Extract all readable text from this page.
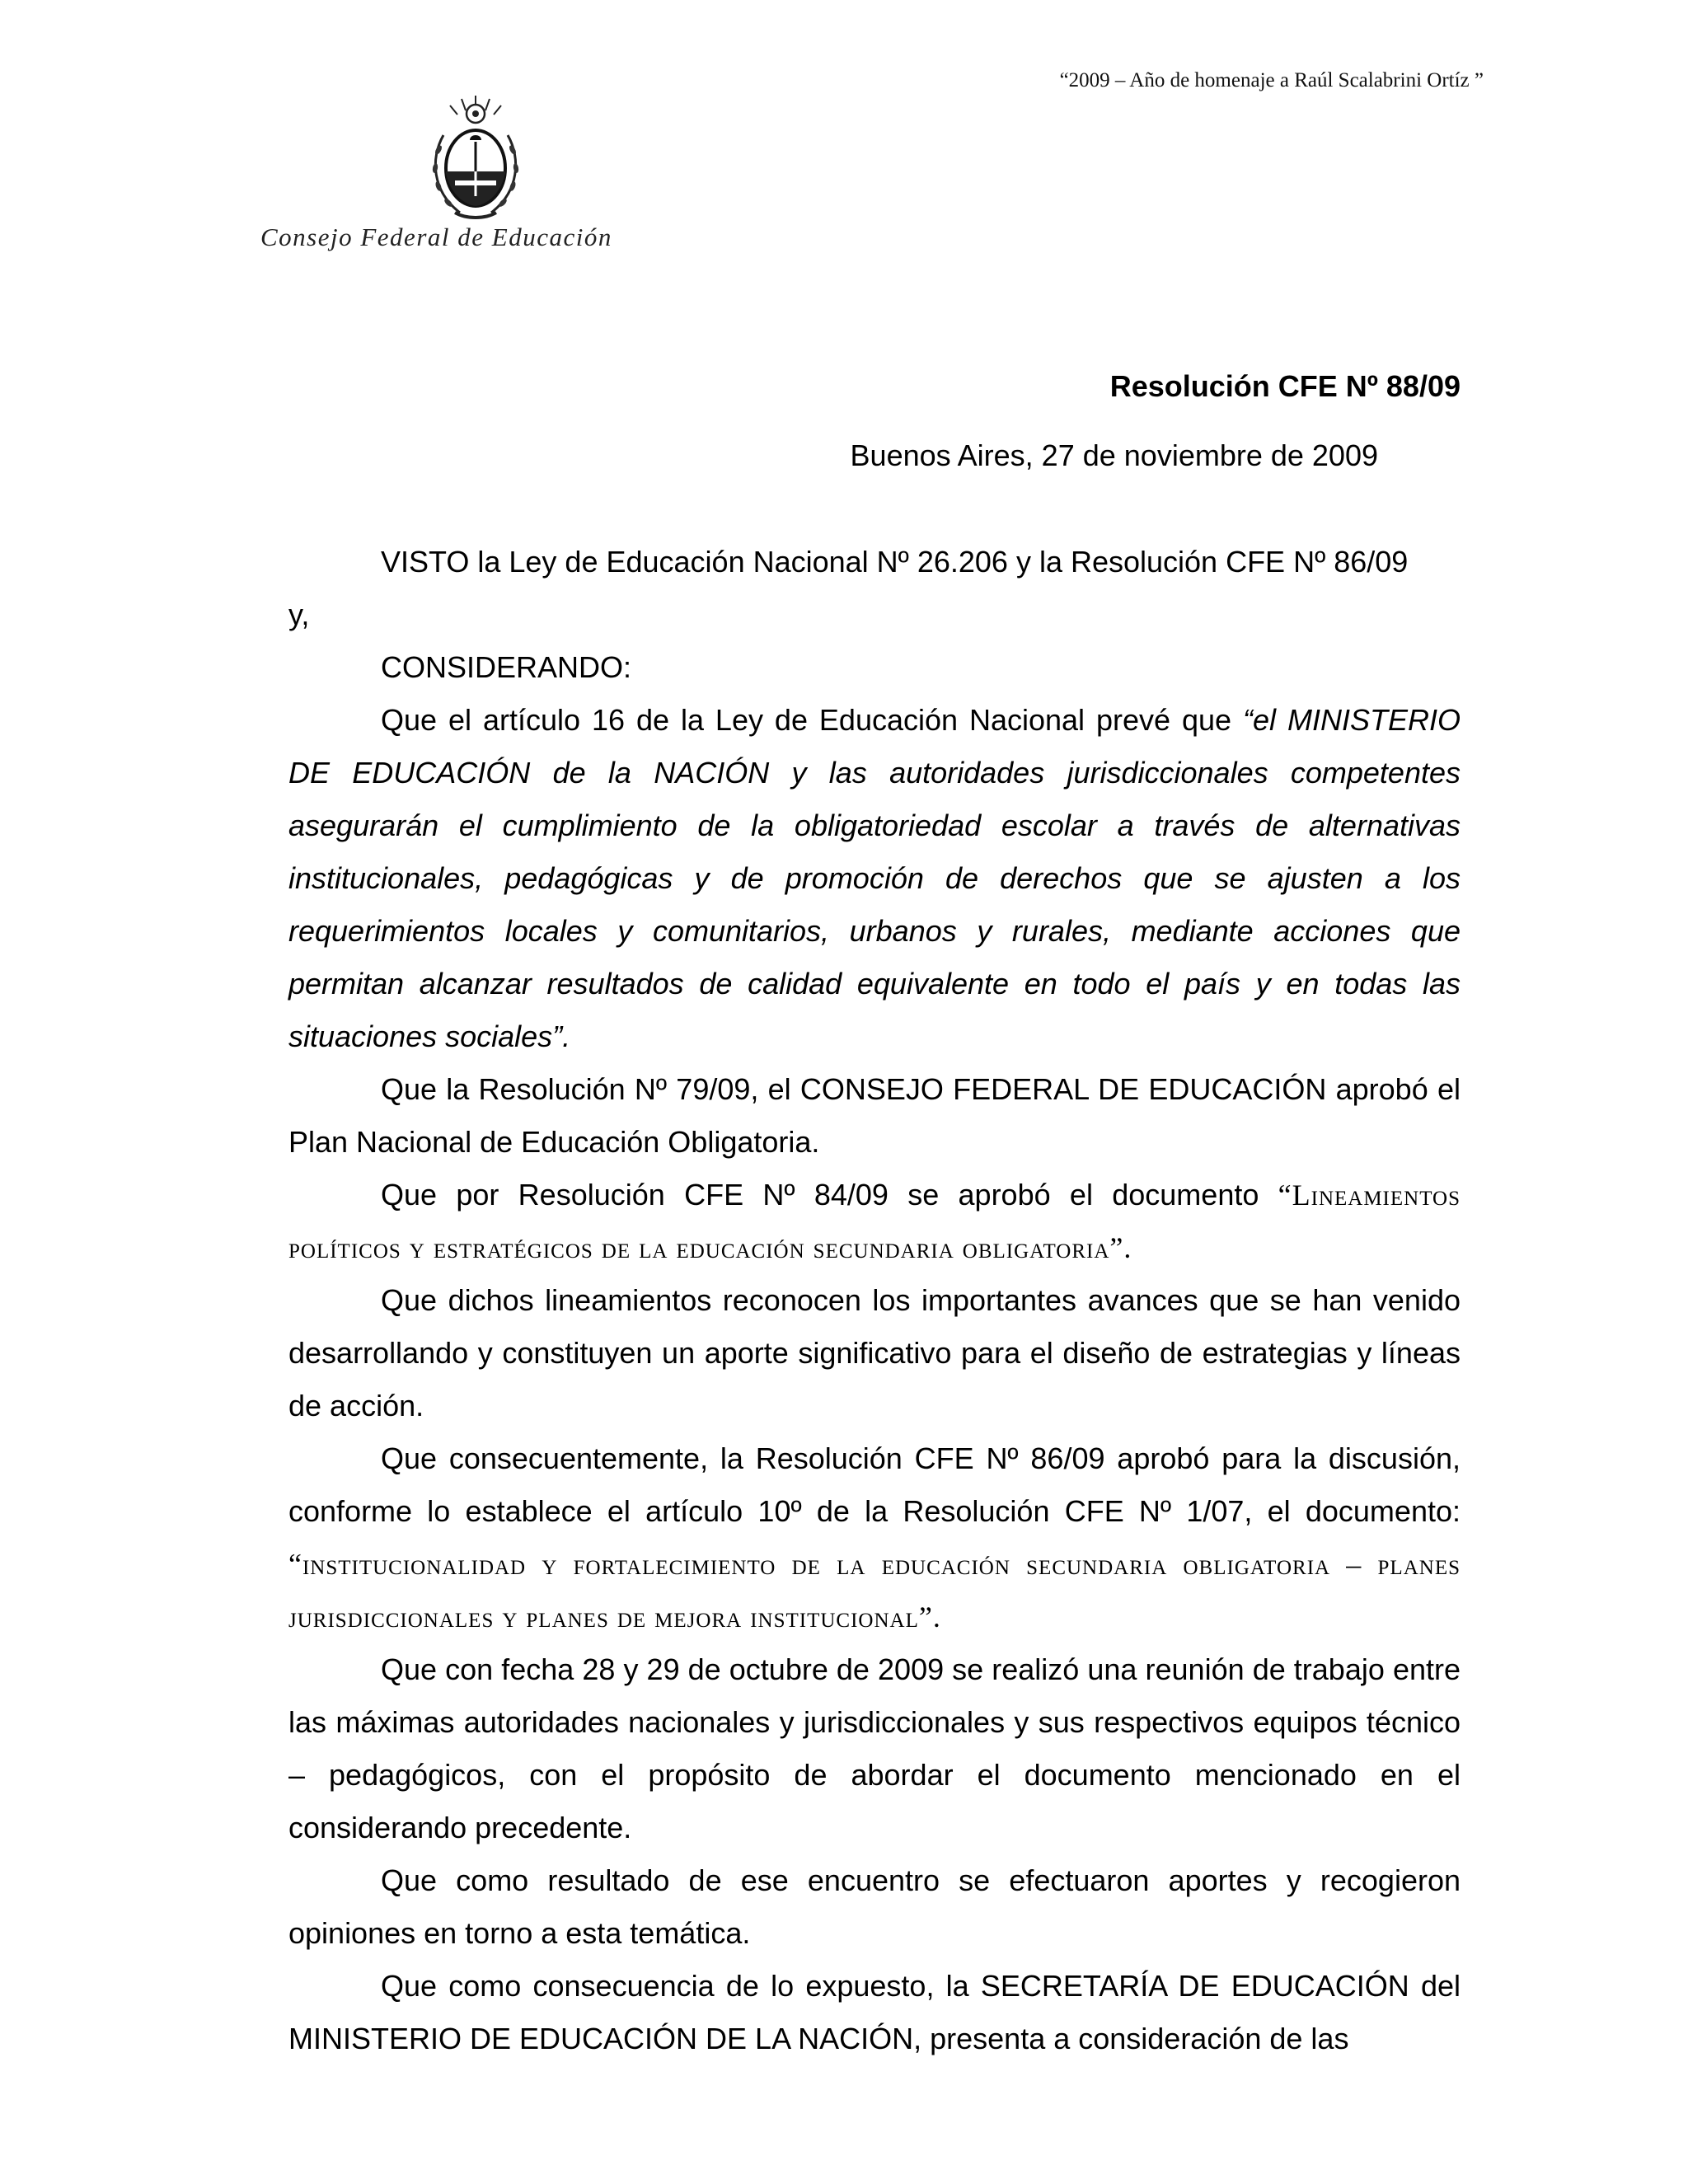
“2009 – Año de homenaje a Raúl Scalabrini Ortíz ”
Consejo Federal de Educación
Resolución CFE Nº 88/09
Buenos Aires, 27 de noviembre de 2009

VISTO la Ley de Educación Nacional Nº 26.206 y la Resolución CFE Nº 86/09

y,

CONSIDERANDO:

Que el artículo 16 de la Ley de Educación Nacional prevé que “el MINISTERIO DE EDUCACIÓN de la NACIÓN y las autoridades jurisdiccionales competentes asegurarán el cumplimiento de la obligatoriedad escolar a través de alternativas institucionales, pedagógicas y de promoción de derechos que se ajusten a los requerimientos locales y comunitarios, urbanos y rurales, mediante acciones que permitan alcanzar resultados de calidad equivalente en todo el país y en todas las situaciones sociales”.

Que la Resolución Nº 79/09, el CONSEJO FEDERAL DE EDUCACIÓN aprobó el Plan Nacional de Educación Obligatoria.

Que por Resolución CFE Nº 84/09 se aprobó el documento “Lineamientos políticos y estratégicos de la educación secundaria obligatoria”.

Que dichos lineamientos reconocen los importantes avances que se han venido desarrollando y constituyen un aporte significativo para el diseño de estrategias y líneas de acción.

Que consecuentemente, la Resolución CFE Nº 86/09 aprobó para la discusión, conforme lo establece el artículo 10º de la Resolución CFE Nº 1/07, el documento: “institucionalidad y fortalecimiento de la educación secundaria obligatoria – planes jurisdiccionales y planes de mejora institucional”.

Que con fecha 28 y 29 de octubre de 2009 se realizó una reunión de trabajo entre las máximas autoridades nacionales y jurisdiccionales y sus respectivos equipos técnico – pedagógicos, con el propósito de abordar el documento mencionado en el considerando precedente.

Que como resultado de ese encuentro se efectuaron aportes y recogieron opiniones en torno a esta temática.

Que como consecuencia de lo expuesto, la SECRETARÍA DE EDUCACIÓN del MINISTERIO DE EDUCACIÓN DE LA NACIÓN, presenta a consideración de las
